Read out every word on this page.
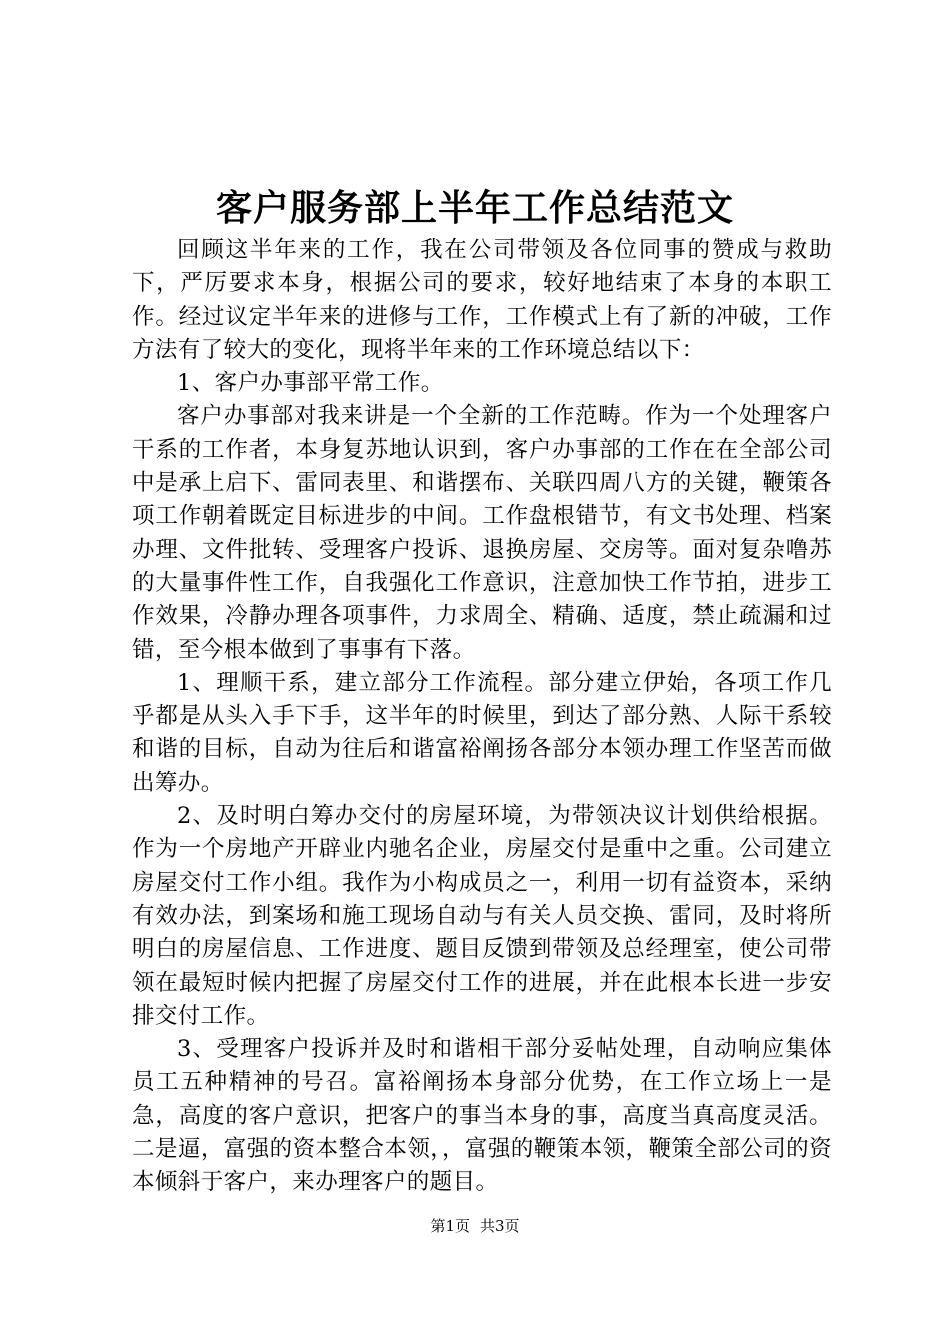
客户服务部上半年工作总结范文

回顾这半年来的工作，我在公司带领及各位同事的赞成与救助下，严厉要求本身，根据公司的要求，较好地结束了本身的本职工作。经过议定半年来的进修与工作，工作模式上有了新的冲破，工作方法有了较大的变化，现将半年来的工作环境总结以下：

1、客户办事部平常工作。

客户办事部对我来讲是一个全新的工作范畴。作为一个处理客户干系的工作者，本身复苏地认识到，客户办事部的工作在在全部公司中是承上启下、雷同表里、和谐摆布、关联四周八方的关键，鞭策各项工作朝着既定目标进步的中间。工作盘根错节，有文书处理、档案办理、文件批转、受理客户投诉、退换房屋、交房等。面对复杂噜苏的大量事件性工作，自我强化工作意识，注意加快工作节拍，进步工作效果，冷静办理各项事件，力求周全、精确、适度，禁止疏漏和过错，至今根本做到了事事有下落。

1、理顺干系，建立部分工作流程。部分建立伊始，各项工作几乎都是从头入手下手，这半年的时候里，到达了部分熟、人际干系较和谐的目标，自动为往后和谐富裕阐扬各部分本领办理工作坚苦而做出筹办。

2、及时明白筹办交付的房屋环境，为带领决议计划供给根据。作为一个房地产开辟业内驰名企业，房屋交付是重中之重。公司建立房屋交付工作小组。我作为小构成员之一，利用一切有益资本，采纳有效办法，到案场和施工现场自动与有关人员交换、雷同，及时将所明白的房屋信息、工作进度、题目反馈到带领及总经理室，使公司带领在最短时候内把握了房屋交付工作的进展，并在此根本长进一步安排交付工作。

3、受理客户投诉并及时和谐相干部分妥帖处理，自动响应集体员工五种精神的号召。富裕阐扬本身部分优势，在工作立场上一是急，高度的客户意识，把客户的事当本身的事，高度当真高度灵活。二是逼，富强的资本整合本领，，富强的鞭策本领，鞭策全部公司的资本倾斜于客户，来办理客户的题目。

第1页 共3页
